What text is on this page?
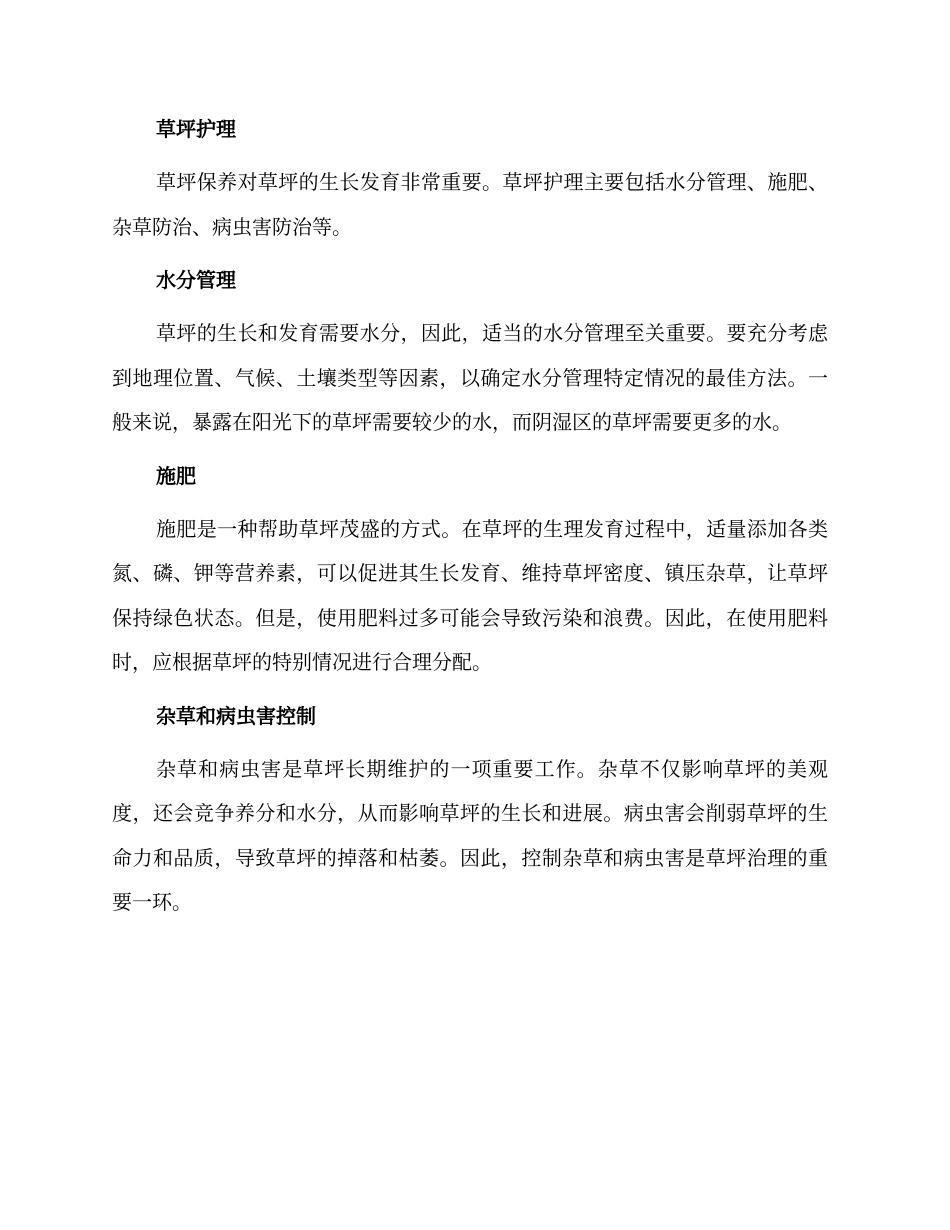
草坪护理

草坪保养对草坪的生长发育非常重要。草坪护理主要包括水分管理、施肥、杂草防治、病虫害防治等。

水分管理

草坪的生长和发育需要水分，因此，适当的水分管理至关重要。要充分考虑到地理位置、气候、土壤类型等因素，以确定水分管理特定情况的最佳方法。一般来说，暴露在阳光下的草坪需要较少的水，而阴湿区的草坪需要更多的水。

施肥

施肥是一种帮助草坪茂盛的方式。在草坪的生理发育过程中，适量添加各类氮、磷、钾等营养素，可以促进其生长发育、维持草坪密度、镇压杂草，让草坪保持绿色状态。但是，使用肥料过多可能会导致污染和浪费。因此，在使用肥料时，应根据草坪的特别情况进行合理分配。

杂草和病虫害控制

杂草和病虫害是草坪长期维护的一项重要工作。杂草不仅影响草坪的美观度，还会竞争养分和水分，从而影响草坪的生长和进展。病虫害会削弱草坪的生命力和品质，导致草坪的掉落和枯萎。因此，控制杂草和病虫害是草坪治理的重要一环。
